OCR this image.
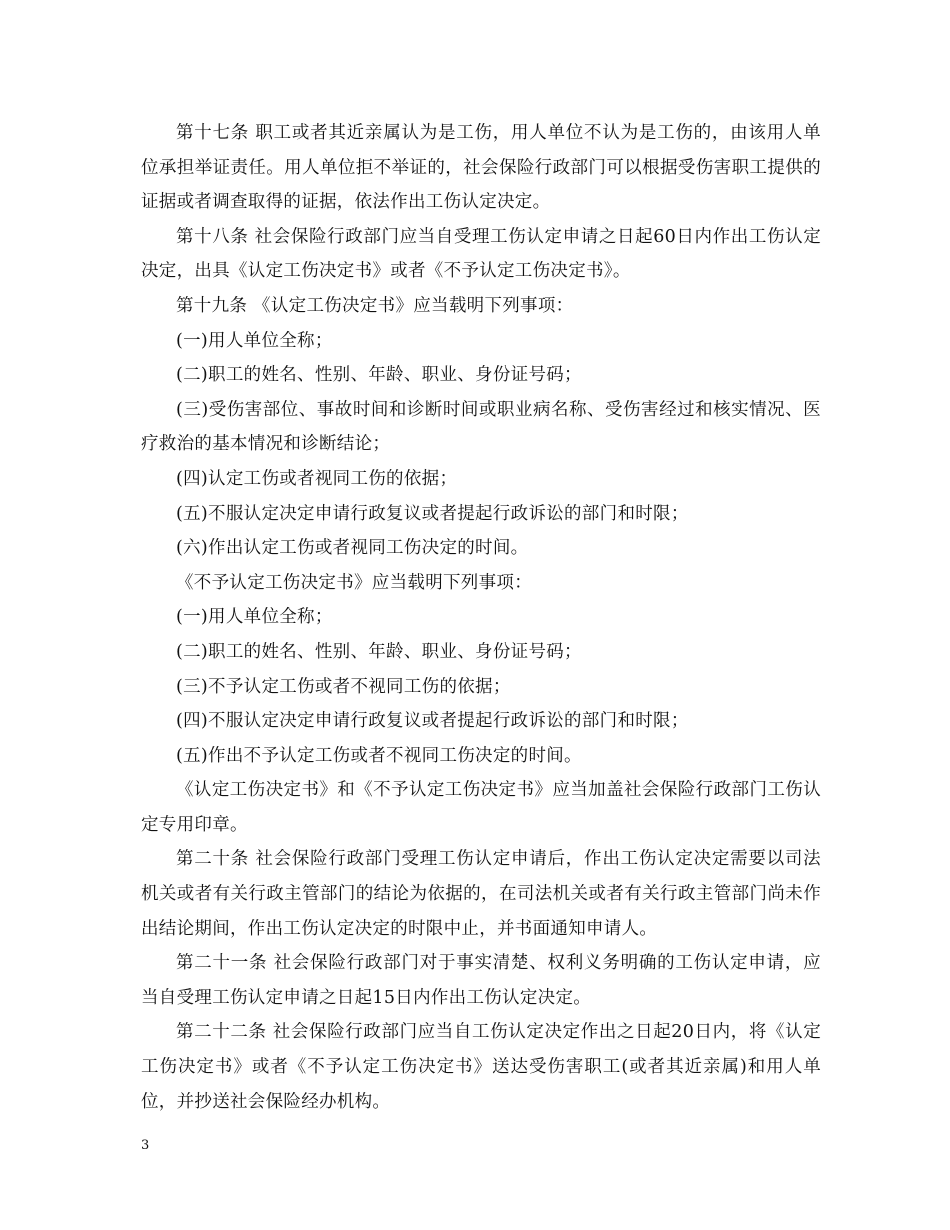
第十七条 职工或者其近亲属认为是工伤，用人单位不认为是工伤的，由该用人单位承担举证责任。用人单位拒不举证的，社会保险行政部门可以根据受伤害职工提供的证据或者调查取得的证据，依法作出工伤认定决定。

第十八条 社会保险行政部门应当自受理工伤认定申请之日起60日内作出工伤认定决定，出具《认定工伤决定书》或者《不予认定工伤决定书》。

第十九条 《认定工伤决定书》应当载明下列事项：

(一)用人单位全称；

(二)职工的姓名、性别、年龄、职业、身份证号码；

(三)受伤害部位、事故时间和诊断时间或职业病名称、受伤害经过和核实情况、医疗救治的基本情况和诊断结论；

(四)认定工伤或者视同工伤的依据；

(五)不服认定决定申请行政复议或者提起行政诉讼的部门和时限；

(六)作出认定工伤或者视同工伤决定的时间。

《不予认定工伤决定书》应当载明下列事项：

(一)用人单位全称；

(二)职工的姓名、性别、年龄、职业、身份证号码；

(三)不予认定工伤或者不视同工伤的依据；

(四)不服认定决定申请行政复议或者提起行政诉讼的部门和时限；

(五)作出不予认定工伤或者不视同工伤决定的时间。

《认定工伤决定书》和《不予认定工伤决定书》应当加盖社会保险行政部门工伤认定专用印章。

第二十条 社会保险行政部门受理工伤认定申请后，作出工伤认定决定需要以司法机关或者有关行政主管部门的结论为依据的，在司法机关或者有关行政主管部门尚未作出结论期间，作出工伤认定决定的时限中止，并书面通知申请人。

第二十一条 社会保险行政部门对于事实清楚、权利义务明确的工伤认定申请，应当自受理工伤认定申请之日起15日内作出工伤认定决定。

第二十二条 社会保险行政部门应当自工伤认定决定作出之日起20日内，将《认定工伤决定书》或者《不予认定工伤决定书》送达受伤害职工(或者其近亲属)和用人单位，并抄送社会保险经办机构。

3
